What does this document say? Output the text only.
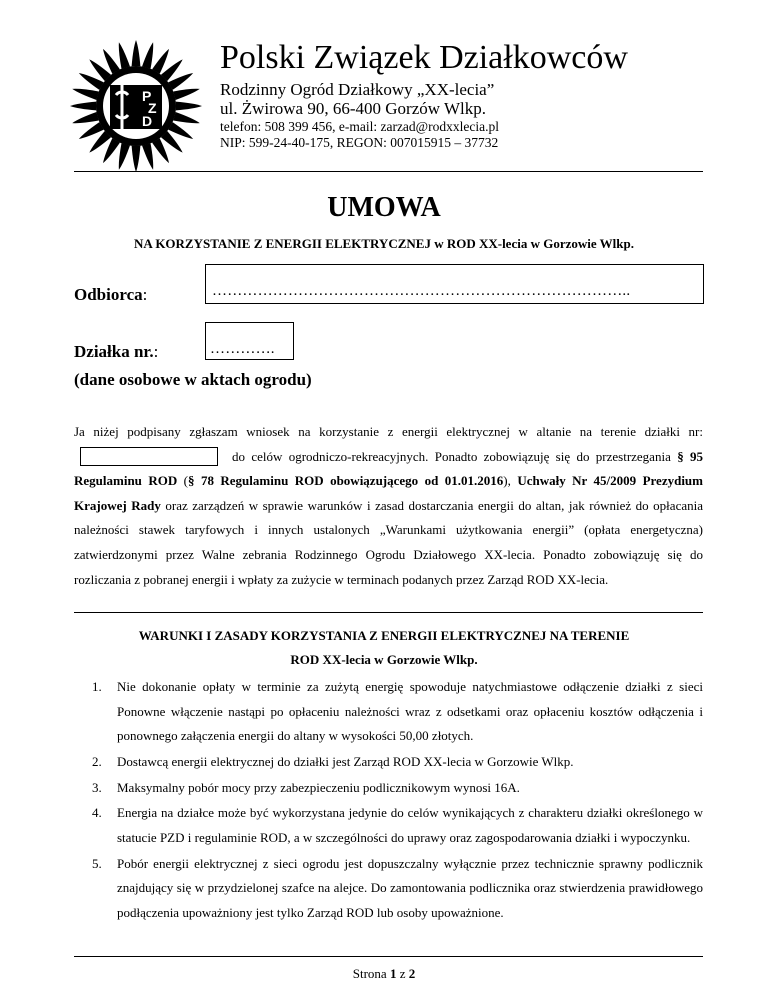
P
Z
D
Polski Związek Działkowców
Rodzinny Ogród Działkowy „XX-lecia”
ul. Żwirowa 90, 66-400 Gorzów Wlkp.
telefon: 508 399 456, e-mail: zarzad@rodxxlecia.pl
NIP: 599-24-40-175, REGON: 007015915 – 37732
UMOWA
NA KORZYSTANIE Z ENERGII ELEKTRYCZNEJ w ROD XX-lecia w Gorzowie Wlkp.
Odbiorca:	………………………………………………………………………..
Działka nr.:	………….
(dane osobowe w aktach ogrodu)
Ja niżej podpisany zgłaszam wniosek na korzystanie z energii elektrycznej w altanie na terenie działki nr:do celów ogrodniczo-rekreacyjnych. Ponadto zobowiązuję się do przestrzegania § 95 Regulaminu ROD (§ 78 Regulaminu ROD obowiązującego od 01.01.2016), Uchwały Nr 45/2009 Prezydium Krajowej Rady oraz zarządzeń w sprawie warunków i zasad dostarczania energii do altan, jak również do opłacania należności stawek taryfowych i innych ustalonych „Warunkami użytkowania energii” (opłata energetyczna) zatwierdzonymi przez Walne zebrania Rodzinnego Ogrodu Działowego XX-lecia. Ponadto zobowiązuję się do rozliczania z pobranej energii i wpłaty za zużycie w terminach podanych przez Zarząd ROD XX-lecia.
WARUNKI I ZASADY KORZYSTANIA Z ENERGII ELEKTRYCZNEJ NA TERENIE
ROD XX-lecia w Gorzowie Wlkp.
1. Nie dokonanie opłaty w terminie za zużytą energię spowoduje natychmiastowe odłączenie działki z sieci Ponowne włączenie nastąpi po opłaceniu należności wraz z odsetkami oraz opłaceniu kosztów odłączenia i ponownego załączenia energii do altany w wysokości 50,00 złotych.
2. Dostawcą energii elektrycznej do działki jest Zarząd ROD XX-lecia w Gorzowie Wlkp.
3. Maksymalny pobór mocy przy zabezpieczeniu podlicznikowym wynosi 16A.
4. Energia na działce może być wykorzystana jedynie do celów wynikających z charakteru działki określonego w statucie PZD i regulaminie ROD, a w szczególności do uprawy oraz zagospodarowania działki i wypoczynku.
5. Pobór energii elektrycznej z sieci ogrodu jest dopuszczalny wyłącznie przez technicznie sprawny podlicznik znajdujący się w przydzielonej szafce na alejce. Do zamontowania podlicznika oraz stwierdzenia prawidłowego podłączenia upoważniony jest tylko Zarząd ROD lub osoby upoważnione.
Strona 1 z 2
